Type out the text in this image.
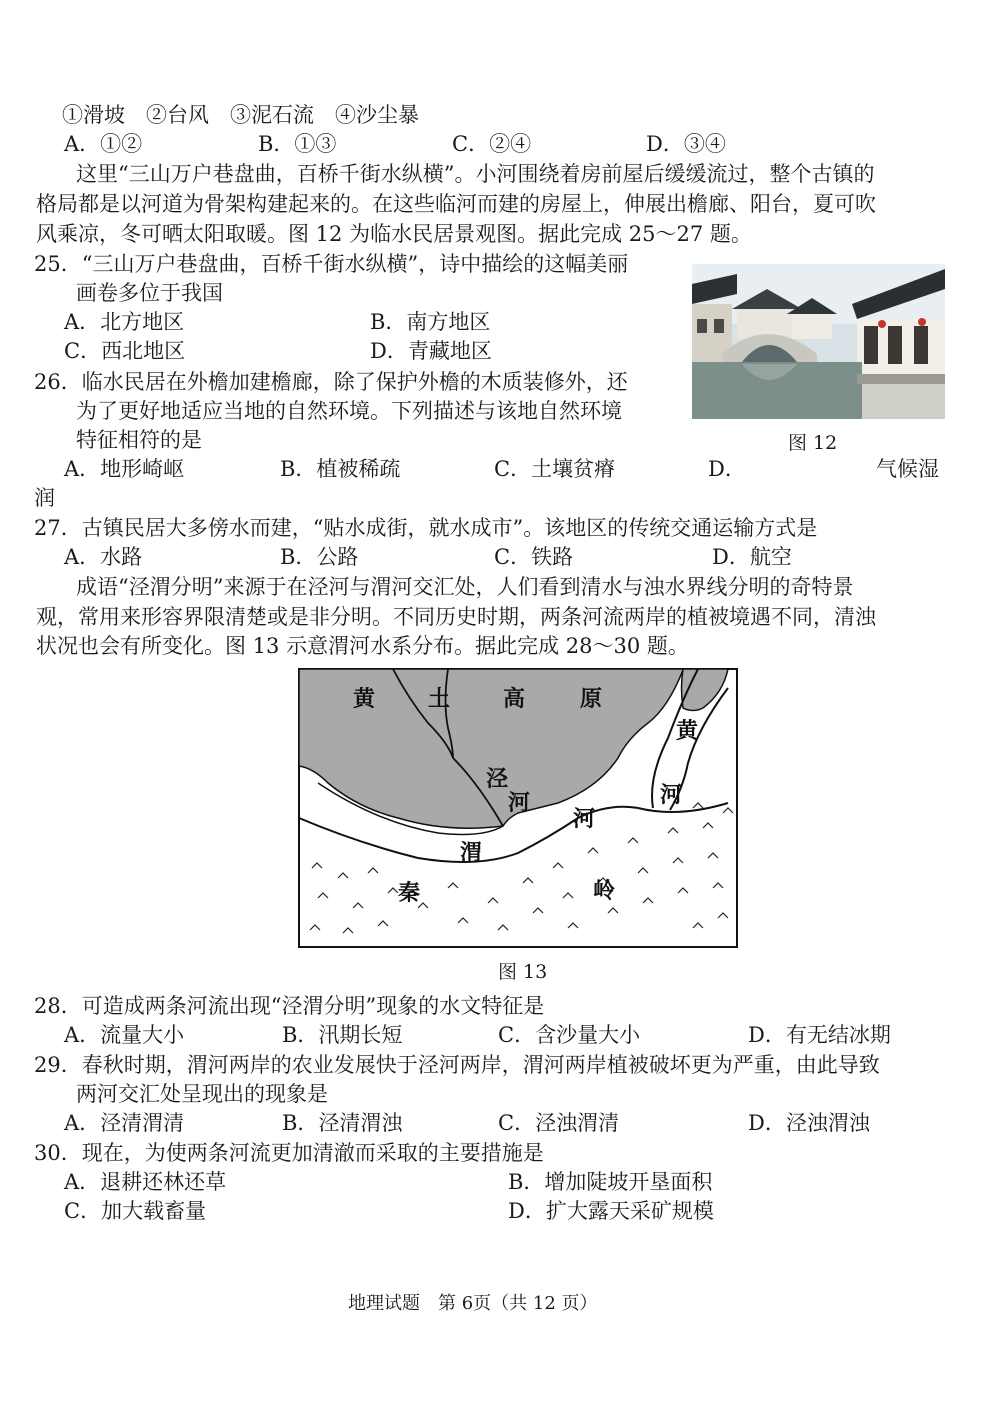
①滑坡　②台风　③泥石流　④沙尘暴
A．①②	B．①③	C．②④	D．③④
这里“三山万户巷盘曲，百桥千街水纵横”。小河围绕着房前屋后缓缓流过，整个古镇的
格局都是以河道为骨架构建起来的。在这些临河而建的房屋上，伸展出檐廊、阳台，夏可吹
风乘凉，冬可晒太阳取暖。图 12 为临水民居景观图。据此完成 25～27 题。
25．“三山万户巷盘曲，百桥千街水纵横”，诗中描绘的这幅美丽
画卷多位于我国
A．北方地区	B．南方地区
C．西北地区	D．青藏地区
26．临水民居在外檐加建檐廊，除了保护外檐的木质装修外，还
为了更好地适应当地的自然环境。下列描述与该地自然环境
特征相符的是	图 12
A．地形崎岖	B．植被稀疏	C．土壤贫瘠	D．	气候湿
润
27．古镇民居大多傍水而建，“贴水成街，就水成市”。该地区的传统交通运输方式是
A．水路	B．公路	C．铁路	D．航空
成语“泾渭分明”来源于在泾河与渭河交汇处，人们看到清水与浊水界线分明的奇特景
观，常用来形容界限清楚或是非分明。不同历史时期，两条河流两岸的植被境遇不同，清浊
状况也会有所变化。图 13 示意渭河水系分布。据此完成 28～30 题。
黄 土 高 原
泾
河
渭
河
黄
河
秦	岭
图 13
28．可造成两条河流出现“泾渭分明”现象的水文特征是
A．流量大小	B．汛期长短	C．含沙量大小	D．有无结冰期
29．春秋时期，渭河两岸的农业发展快于泾河两岸，渭河两岸植被破坏更为严重，由此导致
两河交汇处呈现出的现象是
A．泾清渭清	B．泾清渭浊	C．泾浊渭清	D．泾浊渭浊
30．现在，为使两条河流更加清澈而采取的主要措施是
A．退耕还林还草	B．增加陡坡开垦面积
C．加大载畜量	D．扩大露天采矿规模
地理试题　第 6页（共 12 页）
